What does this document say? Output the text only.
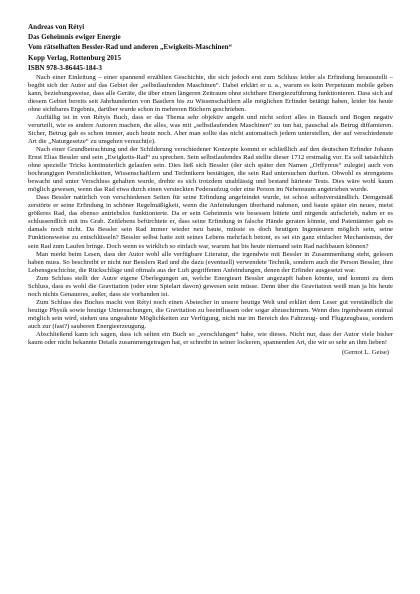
Andreas von Rétyi

Das Geheimnis ewiger Energie

Vom rätselhaften Bessler-Rad und anderen „Ewigkeits-Maschinen“

Kopp Verlag, Rottenburg 2015

ISBN 978-3-86445-184-3

Nach einer Einleitung – einer spannend erzählten Geschichte, die sich jedoch erst zum Schluss leider als Erfindung herausstellt – begibt sich der Autor auf das Gebiet der „selbstlaufenden Maschinen“. Dabei erklärt er u. a., warum es kein Perpetuum mobile geben kann, beziehungsweise, dass alle Geräte, die über einen längeren Zeitraum ohne sichtbare Energiezuführung funktionieren. Dass sich auf diesem Gebiet bereits seit Jahrhunderten von Bastlern bis zu Wissenschaftlern alle möglichen Erfinder betätigt haben, leider bis heute ohne sichtbares Ergebnis, darüber wurde schon in mehreren Büchern geschrieben.

Auffällig ist in von Rétyis Buch, dass er das Thema sehr objektiv angeht und nicht sofort alles in Bausch und Bogen negativ verurteilt, wie es andere Autoren machen, die alles, was mit „selbstlaufenden Maschinen“ zu tun hat, pauschal als Betrug diffamieren. Sicher, Betrug gab es schon immer, auch heute noch. Aber man sollte das nicht automatisch jedem unterstellen, der auf verschiedenste Art die „Naturgesetze“ zu umgehen versucht(e).

Nach einer Grundbetrachtung und der Schilderung verschiedener Konzepte kommt er schließlich auf den deutschen Erfinder Johann Ernst Elias Bessler und sein „Ewigkeits-Rad“ zu sprechen. Sein selbstlaufendes Rad stellte dieser 1712 erstmalig vor. Es soll tatsächlich ohne spezielle Tricks kontinuierlich gelaufen sein. Dies ließ sich Bessler (der sich später den Namen „Orffyreus“ zulegte) auch von hochrangigen Persönlichkeiten, Wissenschaftlern und Technikern bestätigen, die sein Rad untersuchen durften. Obwohl es strengstens bewacht und unter Verschluss gehalten wurde, drehte es sich trotzdem unablässig und bestand härteste Tests. Dies wäre wohl kaum möglich gewesen, wenn das Rad etwa durch einen versteckten Federaufzug oder eine Person im Nebenraum angetrieben wurde.

Dass Bessler natürlich von verschiedenen Seiten für seine Erfindung angefeindet wurde, ist schon selbstverständlich. Demgemäß zerstörte er seine Erfindung in schöner Regelmäßigkeit, wenn die Anfeindungen überhand nahmen, und baute später ein neues, meist größeres Rad, das ebenso antriebslos funktionierte. Da er sein Geheimnis wie besessen hütete und nirgends aufschrieb, nahm er es schlussendlich mit ins Grab. Zeitlebens befürchtete er, dass seine Erfindung in falsche Hände geraten könnte, und Patentämter gab es damals noch nicht. Da Bessler sein Rad immer wieder neu baute, müsste es doch heutigen Ingenieuren möglich sein, seine Funktionsweise zu entschlüsseln? Bessler selbst hatte zeit seines Lebens mehrfach betont, es sei ein ganz einfacher Mechanismus, der sein Rad zum Laufen bringe. Doch wenn es wirklich so einfach war, warum hat bis heute niemand sein Rad nachbauen können?

Man merkt beim Lesen, dass der Autor wohl alle verfügbare Literatur, die irgendwie mit Bessler in Zusammenhang steht, gelesen haben muss. So beschreibt er nicht nur Besslers Rad und die dazu (eventuell) verwendete Technik, sondern auch die Person Bessler, ihre Lebensgeschichte, die Rückschläge und oftmals aus der Luft gegriffenen Anfeindungen, denen der Erfinder ausgesetzt war.

Zum Schluss stellt der Autor eigene Überlegungen an, welche Energieart Bessler angezapft haben könnte, und kommt zu dem Schluss, dass es wohl die Gravitation (oder eine Spielart davon) gewesen sein müsse. Denn über die Gravitation weiß man ja bis heute noch nichts Genaueres, außer, dass sie vorhanden ist.

Zum Schluss des Buches macht von Rétyi noch einen Abstecher in unsere heutige Welt und erklärt dem Leser gut verständlich die heutige Physik sowie heutige Untersuchungen, die Gravitation zu beeinflussen oder sogar abzuschirmen. Wenn dies irgendwann einmal möglich sein wird, stehen uns ungeahnte Möglichkeiten zur Verfügung, nicht nur im Bereich des Fahrzeug- und Flugzeugbaus, sondern auch zur (fast?) sauberen Energieerzeugung.

Abschließend kann ich sagen, dass ich selten ein Buch so „verschlungen“ habe, wie dieses. Nicht nur, dass der Autor viele bisher kaum oder nicht bekannte Details zusammengetragen hat, er schreibt in seiner lockeren, spannenden Art, die wir so sehr an ihm lieben!

(Gernot L. Geise)
